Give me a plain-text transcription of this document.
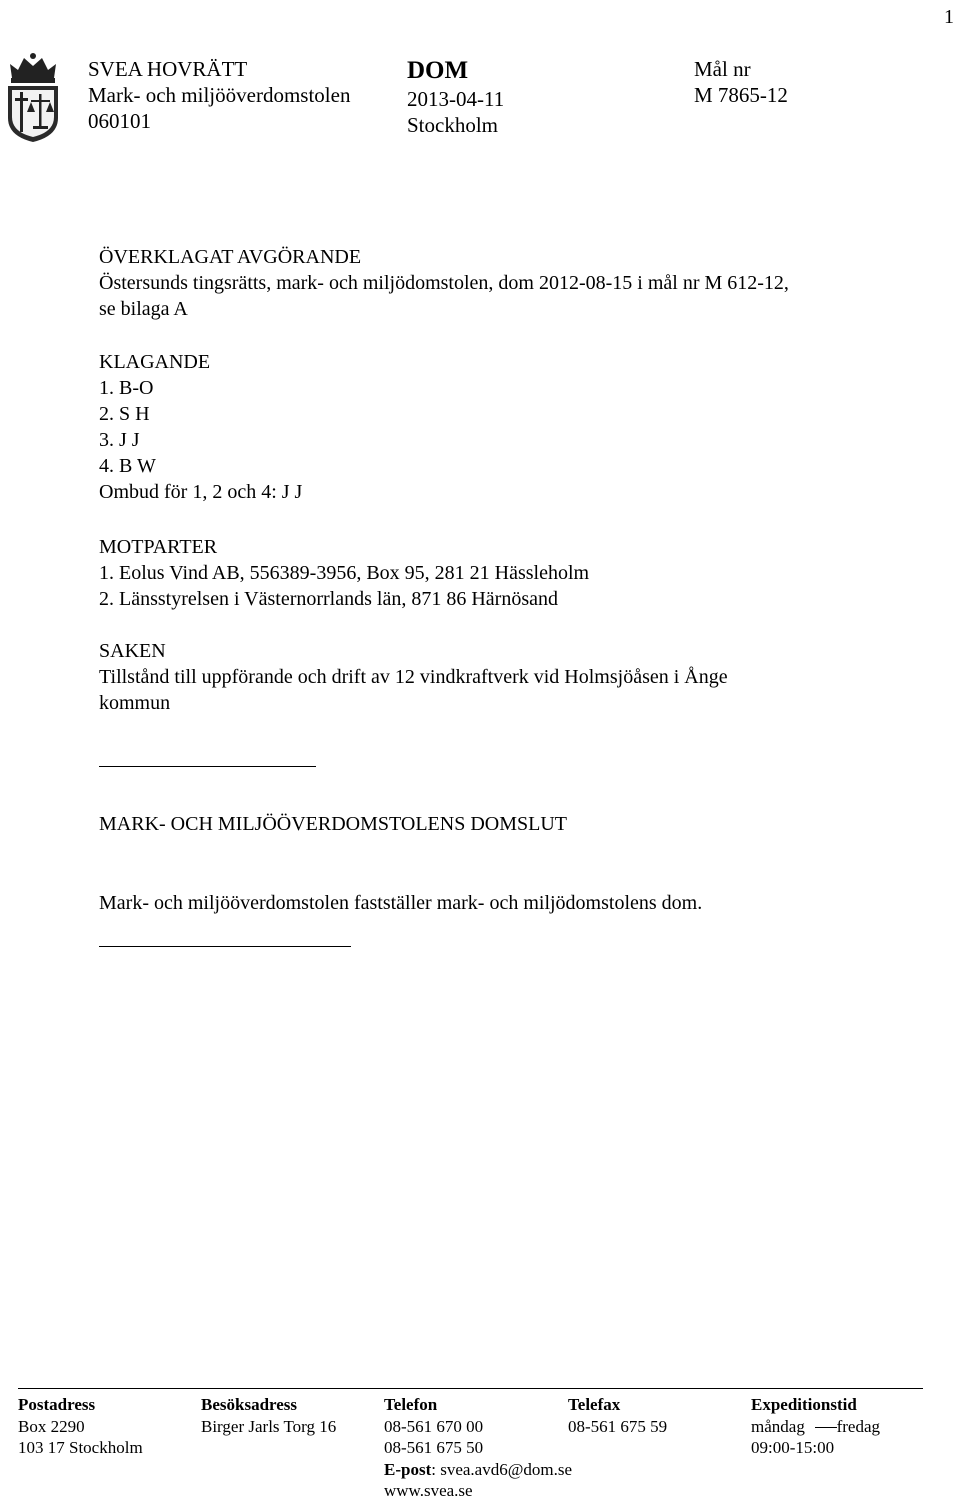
1
SVEA HOVRÄTT
Mark- och miljööverdomstolen
060101
DOM
2013-04-11
Stockholm
Mål nr
M 7865-12
ÖVERKLAGAT AVGÖRANDE
Östersunds tingsrätts, mark- och miljödomstolen, dom 2012-08-15 i mål nr M 612-12,
se bilaga A
KLAGANDE
1. B-O
2. S H
3. J J
4. B W
Ombud för 1, 2 och 4: J J
MOTPARTER
1. Eolus Vind AB, 556389-3956, Box 95, 281 21 Hässleholm
2. Länsstyrelsen i Västernorrlands län, 871 86 Härnösand
SAKEN
Tillstånd till uppförande och drift av 12 vindkraftverk vid Holmsjöåsen i Ånge
kommun
MARK- OCH MILJÖÖVERDOMSTOLENS DOMSLUT
Mark- och miljööverdomstolen fastställer mark- och miljödomstolens dom.
Postadress
Box 2290
103 17 Stockholm
Besöksadress
Birger Jarls Torg 16
Telefon
08-561 670 00
08-561 675 50
E-post: svea.avd6@dom.se
www.svea.se
Telefax
08-561 675 59
Expeditionstid
måndag fredag
09:00-15:00
